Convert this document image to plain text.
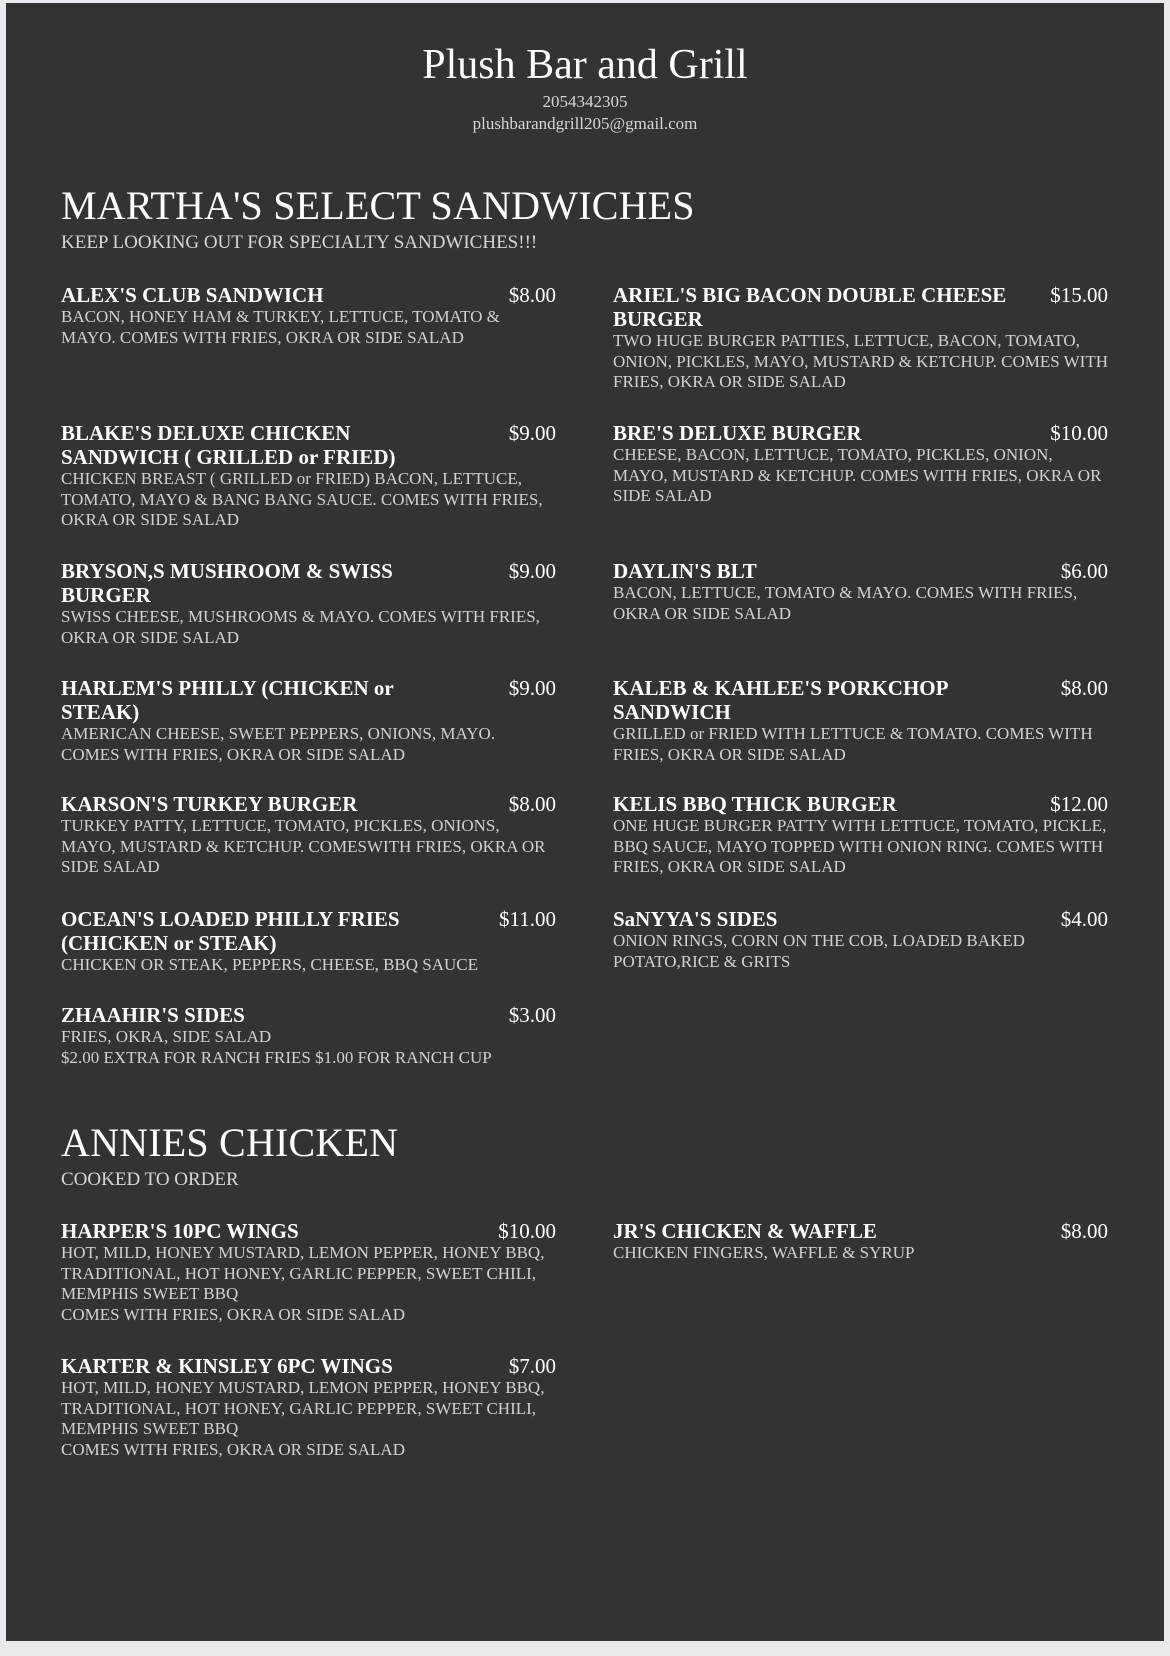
Plush Bar and Grill
2054342305
plushbarandgrill205@gmail.com
MARTHA'S SELECT SANDWICHES
KEEP LOOKING OUT FOR SPECIALTY SANDWICHES!!!
ALEX'S CLUB SANDWICH	$8.00
BACON, HONEY HAM & TURKEY, LETTUCE, TOMATO & MAYO. COMES WITH FRIES, OKRA OR SIDE SALAD
ARIEL'S BIG BACON DOUBLE CHEESE BURGER
$15.00
TWO HUGE BURGER PATTIES, LETTUCE, BACON, TOMATO, ONION, PICKLES, MAYO, MUSTARD & KETCHUP. COMES WITH FRIES, OKRA OR SIDE SALAD
BLAKE'S DELUXE CHICKEN SANDWICH ( GRILLED or FRIED)
$9.00
CHICKEN BREAST ( GRILLED or FRIED) BACON, LETTUCE, TOMATO, MAYO & BANG BANG SAUCE. COMES WITH FRIES, OKRA OR SIDE SALAD
BRE'S DELUXE BURGER	$10.00
CHEESE, BACON, LETTUCE, TOMATO, PICKLES, ONION, MAYO, MUSTARD & KETCHUP. COMES WITH FRIES, OKRA OR SIDE SALAD
BRYSON,S MUSHROOM & SWISS BURGER
$9.00
SWISS CHEESE, MUSHROOMS & MAYO. COMES WITH FRIES, OKRA OR SIDE SALAD
DAYLIN'S BLT	$6.00
BACON, LETTUCE, TOMATO & MAYO. COMES WITH FRIES, OKRA OR SIDE SALAD
HARLEM'S PHILLY (CHICKEN or STEAK)
$9.00
AMERICAN CHEESE, SWEET PEPPERS, ONIONS, MAYO. COMES WITH FRIES, OKRA OR SIDE SALAD
KALEB & KAHLEE'S PORKCHOP SANDWICH
$8.00
GRILLED or FRIED WITH LETTUCE & TOMATO. COMES WITH FRIES, OKRA OR SIDE SALAD
KARSON'S TURKEY BURGER	$8.00
TURKEY PATTY, LETTUCE, TOMATO, PICKLES, ONIONS, MAYO, MUSTARD & KETCHUP. COMESWITH FRIES, OKRA OR SIDE SALAD
KELIS BBQ THICK BURGER	$12.00
ONE HUGE BURGER PATTY WITH LETTUCE, TOMATO, PICKLE, BBQ SAUCE, MAYO TOPPED WITH ONION RING. COMES WITH FRIES, OKRA OR SIDE SALAD
OCEAN'S LOADED PHILLY FRIES (CHICKEN or STEAK)
$11.00
CHICKEN OR STEAK, PEPPERS, CHEESE, BBQ SAUCE
SaNYYA'S SIDES	$4.00
ONION RINGS, CORN ON THE COB, LOADED BAKED POTATO,RICE & GRITS
ZHAAHIR'S SIDES	$3.00
FRIES, OKRA, SIDE SALAD
$2.00 EXTRA FOR RANCH FRIES $1.00 FOR RANCH CUP
ANNIES CHICKEN
COOKED TO ORDER
HARPER'S 10PC WINGS	$10.00
HOT, MILD, HONEY MUSTARD, LEMON PEPPER, HONEY BBQ, TRADITIONAL, HOT HONEY, GARLIC PEPPER, SWEET CHILI, MEMPHIS SWEET BBQ
COMES WITH FRIES, OKRA OR SIDE SALAD
JR'S CHICKEN & WAFFLE	$8.00
CHICKEN FINGERS, WAFFLE & SYRUP
KARTER & KINSLEY 6PC WINGS	$7.00
HOT, MILD, HONEY MUSTARD, LEMON PEPPER, HONEY BBQ, TRADITIONAL, HOT HONEY, GARLIC PEPPER, SWEET CHILI, MEMPHIS SWEET BBQ
COMES WITH FRIES, OKRA OR SIDE SALAD
